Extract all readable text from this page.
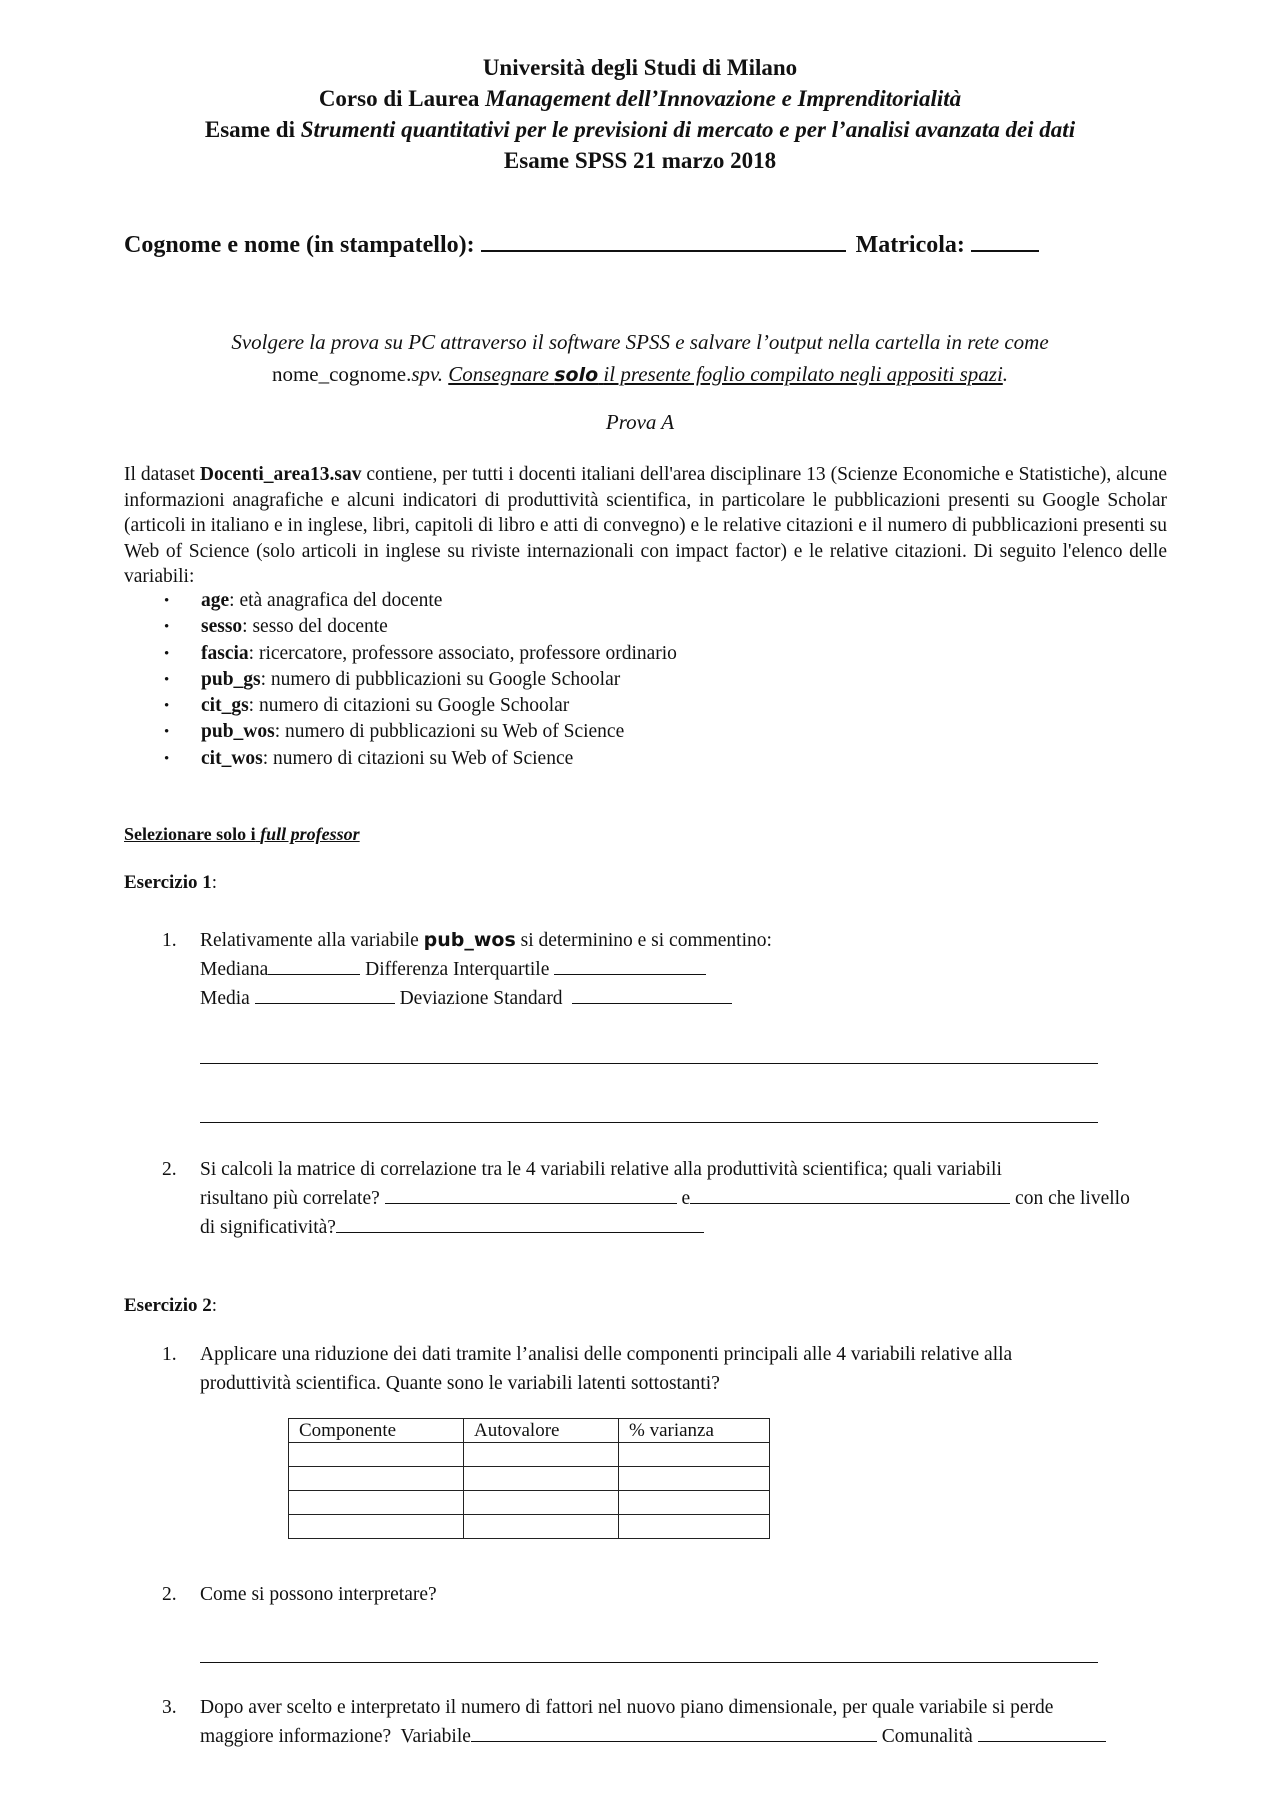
Università degli Studi di Milano
Corso di Laurea Management dell’Innovazione e Imprenditorialità
Esame di Strumenti quantitativi per le previsioni di mercato e per l’analisi avanzata dei dati
Esame SPSS 21 marzo 2018
Cognome e nome (in stampatello):	Matricola:
Svolgere la prova su PC attraverso il software SPSS e salvare l’output nella cartella in rete come
nome_cognome.spv. Consegnare solo il presente foglio compilato negli appositi spazi.
Prova A
Il dataset Docenti_area13.sav contiene, per tutti i docenti italiani dell'area disciplinare 13 (Scienze Economiche e Statistiche), alcune informazioni anagrafiche e alcuni indicatori di produttività scientifica, in particolare le pubblicazioni presenti su Google Scholar (articoli in italiano e in inglese, libri, capitoli di libro e atti di convegno) e le relative citazioni e il numero di pubblicazioni presenti su Web of Science (solo articoli in inglese su riviste internazionali con impact factor) e le relative citazioni. Di seguito l'elenco delle variabili:
• age: età anagrafica del docente
• sesso: sesso del docente
• fascia: ricercatore, professore associato, professore ordinario
• pub_gs: numero di pubblicazioni su Google Schoolar
• cit_gs: numero di citazioni su Google Schoolar
• pub_wos: numero di pubblicazioni su Web of Science
• cit_wos: numero di citazioni su Web of Science
Selezionare solo i full professor
Esercizio 1:
1. Relativamente alla variabile pub_wos si determinino e si commentino:
Mediana	Differenza Interquartile
Media	Deviazione Standard
2. Si calcoli la matrice di correlazione tra le 4 variabili relative alla produttività scientifica; quali variabili
risultano più correlate?	e	con che livello
di significatività?
Esercizio 2:
1. Applicare una riduzione dei dati tramite l’analisi delle componenti principali alle 4 variabili relative alla
produttività scientifica. Quante sono le variabili latenti sottostanti?
Componente	Autovalore	% varianza

2. Come si possono interpretare?
3. Dopo aver scelto e interpretato il numero di fattori nel nuovo piano dimensionale, per quale variabile si perde
maggiore informazione? Variabile	Comunalità
